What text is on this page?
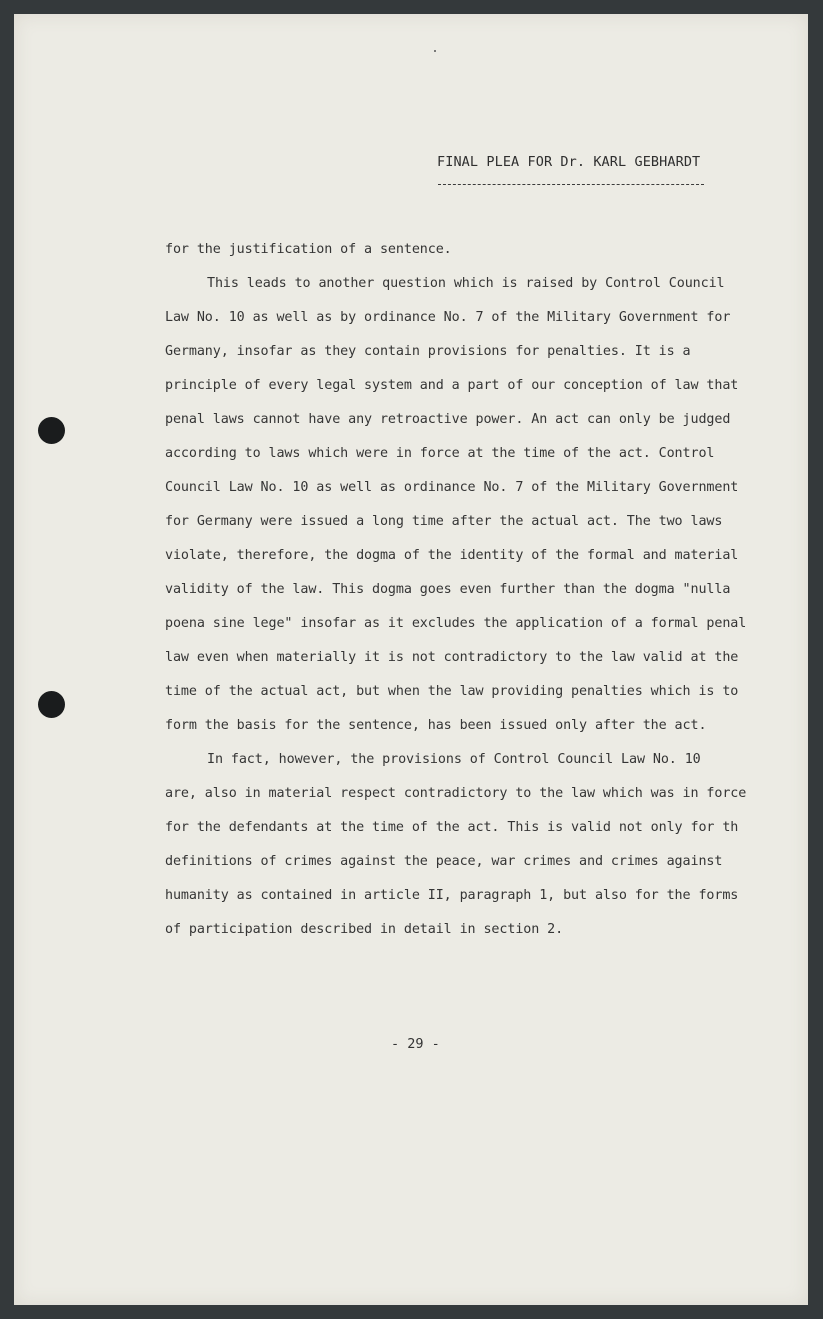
FINAL PLEA FOR Dr. KARL GEBHARDT

for the justification of a sentence.

This leads to another question which is raised by Control Council
Law No. 10 as well as by ordinance No. 7 of the Military Government for
Germany, insofar as they contain provisions for penalties. It is a
principle of every legal system and a part of our conception of law that
penal laws cannot have any retroactive power. An act can only be judged
according to laws which were in force at the time of the act. Control
Council Law No. 10 as well as ordinance No. 7 of the Military Government
for Germany were issued a long time after the actual act. The two laws
violate, therefore, the dogma of the identity of the formal and material
validity of the law. This dogma goes even further than the dogma "nulla
poena sine lege" insofar as it excludes the application of a formal penal
law even when materially it is not contradictory to the law valid at the
time of the actual act, but when the law providing penalties which is to
form the basis for the sentence, has been issued only after the act.

In fact, however, the provisions of Control Council Law No. 10
are, also in material respect contradictory to the law which was in force
for the defendants at the time of the act. This is valid not only for th
definitions of crimes against the peace, war crimes and crimes against
humanity as contained in article II, paragraph 1, but also for the forms
of participation described in detail in section 2.

- 29 -
